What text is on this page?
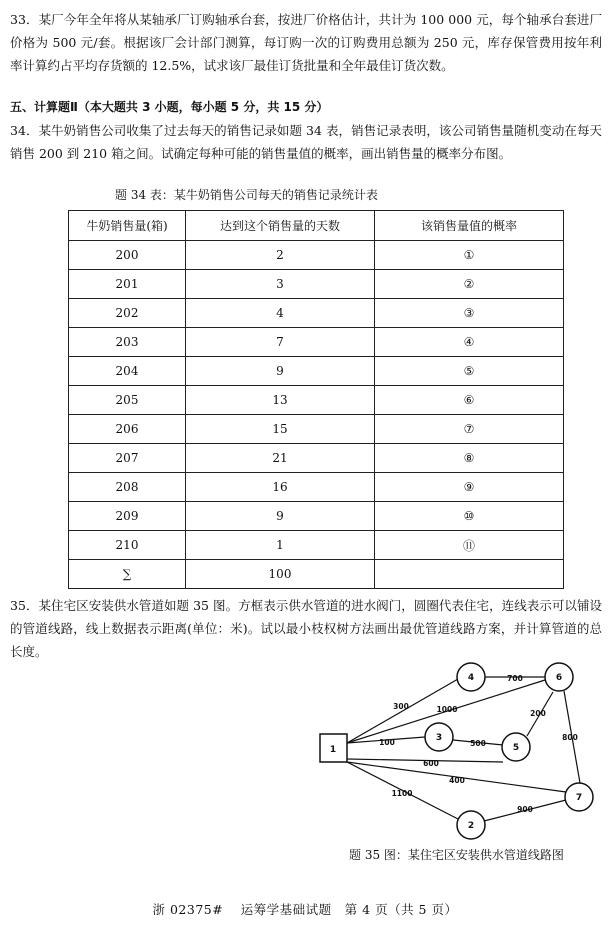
33．某厂今年全年将从某轴承厂订购轴承台套，按进厂价格估计，共计为 100 000 元，每个轴承台套进厂价格为 500 元/套。根据该厂会计部门测算，每订购一次的订购费用总额为 250 元，库存保管费用按年利率计算约占平均存货额的 12.5%，试求该厂最佳订货批量和全年最佳订货次数。

五、计算题Ⅱ（本大题共 3 小题，每小题 5 分，共 15 分）

34．某牛奶销售公司收集了过去每天的销售记录如题 34 表，销售记录表明，该公司销售量随机变动在每天销售 200 到 210 箱之间。试确定每种可能的销售量值的概率，画出销售量的概率分布图。

题 34 表：某牛奶销售公司每天的销售记录统计表
牛奶销售量(箱)	达到这个销售量的天数	该销售量值的概率
200	2	①
201	3	②
202	4	③
203	7	④
204	9	⑤
205	13	⑥
206	15	⑦
207	21	⑧
208	16	⑨
209	9	⑩
210	1	⑪
∑	100	

35．某住宅区安装供水管道如题 35 图。方框表示供水管道的进水阀门，圆圈代表住宅，连线表示可以铺设的管道线路，线上数据表示距离(单位：米)。试以最小枝权树方法画出最优管道线路方案，并计算管道的总长度。

1
4	6
3
5
7
2
300	1000
100
600
400
1100
700
500
200
800
900
题 35 图：某住宅区安装供水管道线路图
浙 02375#　 运筹学基础试题　第 4 页（共 5 页）
